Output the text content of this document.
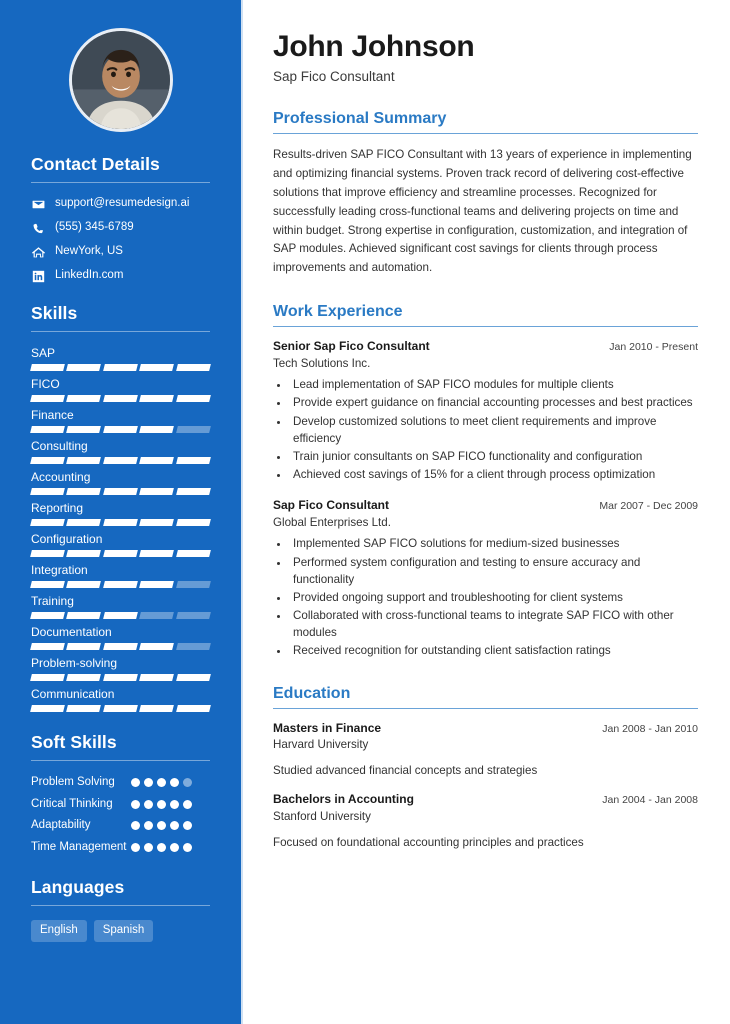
Contact Details
support@resumedesign.ai
(555) 345-6789
NewYork, US
LinkedIn.com
Skills
SAP
FICO
Finance
Consulting
Accounting
Reporting
Configuration
Integration
Training
Documentation
Problem-solving
Communication
Soft Skills
Problem Solving
Critical Thinking
Adaptability
Time Management
Languages
English	Spanish
John Johnson
Sap Fico Consultant
Professional Summary

Results-driven SAP FICO Consultant with 13 years of experience in implementing and optimizing financial systems. Proven track record of delivering cost-effective solutions that improve efficiency and streamline processes. Recognized for successfully leading cross-functional teams and delivering projects on time and within budget. Strong expertise in configuration, customization, and integration of SAP modules. Achieved significant cost savings for clients through process improvements and automation.

Work Experience
Senior Sap Fico Consultant	Jan 2010 - Present
Tech Solutions Inc.
• Lead implementation of SAP FICO modules for multiple clients
• Provide expert guidance on financial accounting processes and best practices
• Develop customized solutions to meet client requirements and improve efficiency
• Train junior consultants on SAP FICO functionality and configuration
• Achieved cost savings of 15% for a client through process optimization
Sap Fico Consultant	Mar 2007 - Dec 2009
Global Enterprises Ltd.
• Implemented SAP FICO solutions for medium-sized businesses
• Performed system configuration and testing to ensure accuracy and functionality
• Provided ongoing support and troubleshooting for client systems
• Collaborated with cross-functional teams to integrate SAP FICO with other modules
• Received recognition for outstanding client satisfaction ratings
Education
Masters in Finance	Jan 2008 - Jan 2010
Harvard University
Studied advanced financial concepts and strategies
Bachelors in Accounting	Jan 2004 - Jan 2008
Stanford University
Focused on foundational accounting principles and practices
